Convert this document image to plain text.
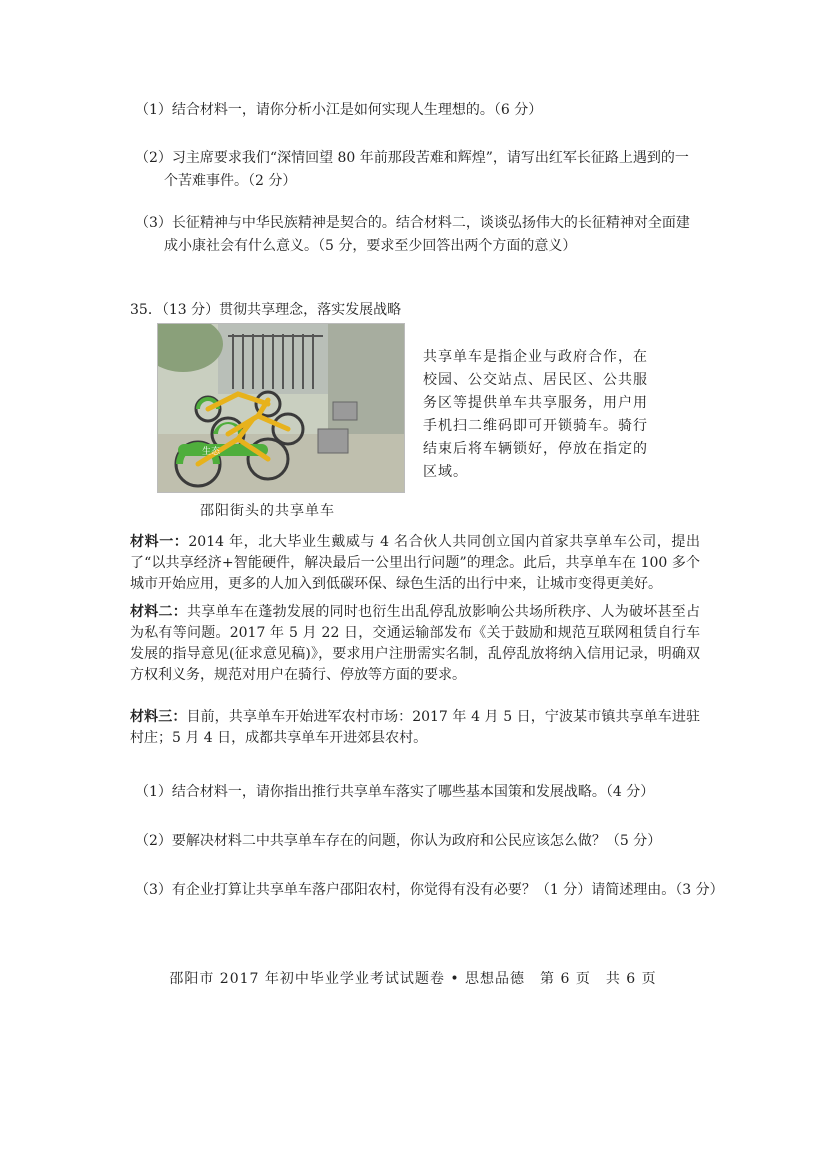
（1）结合材料一，请你分析小江是如何实现人生理想的。（6 分）
（2）习主席要求我们“深情回望 80 年前那段苦难和辉煌”，请写出红军长征路上遇到的一
个苦难事件。（2 分）
（3）长征精神与中华民族精神是契合的。结合材料二，谈谈弘扬伟大的长征精神对全面建
成小康社会有什么意义。（5 分，要求至少回答出两个方面的意义）
35．（13 分）贯彻共享理念，落实发展战略
生态
共享单车是指企业与政府合作，在校园、公交站点、居民区、公共服务区等提供单车共享服务，用户用手机扫二维码即可开锁骑车。骑行结束后将车辆锁好，停放在指定的区域。
邵阳街头的共享单车
材料一：2014 年，北大毕业生戴威与 4 名合伙人共同创立国内首家共享单车公司，提出了“以共享经济+智能硬件，解决最后一公里出行问题”的理念。此后，共享单车在 100 多个城市开始应用，更多的人加入到低碳环保、绿色生活的出行中来，让城市变得更美好。
材料二：共享单车在蓬勃发展的同时也衍生出乱停乱放影响公共场所秩序、人为破坏甚至占为私有等问题。2017 年 5 月 22 日，交通运输部发布《关于鼓励和规范互联网租赁自行车发展的指导意见(征求意见稿)》，要求用户注册需实名制，乱停乱放将纳入信用记录，明确双方权利义务，规范对用户在骑行、停放等方面的要求。
材料三：目前，共享单车开始进军农村市场：2017 年 4 月 5 日，宁波某市镇共享单车进驻村庄；5 月 4 日，成都共享单车开进郊县农村。
（1）结合材料一，请你指出推行共享单车落实了哪些基本国策和发展战略。（4 分）
（2）要解决材料二中共享单车存在的问题，你认为政府和公民应该怎么做？（5 分）
（3）有企业打算让共享单车落户邵阳农村，你觉得有没有必要？（1 分）请简述理由。（3 分）
邵阳市 2017 年初中毕业学业考试试题卷 • 思想品德　第 6 页　共 6 页
